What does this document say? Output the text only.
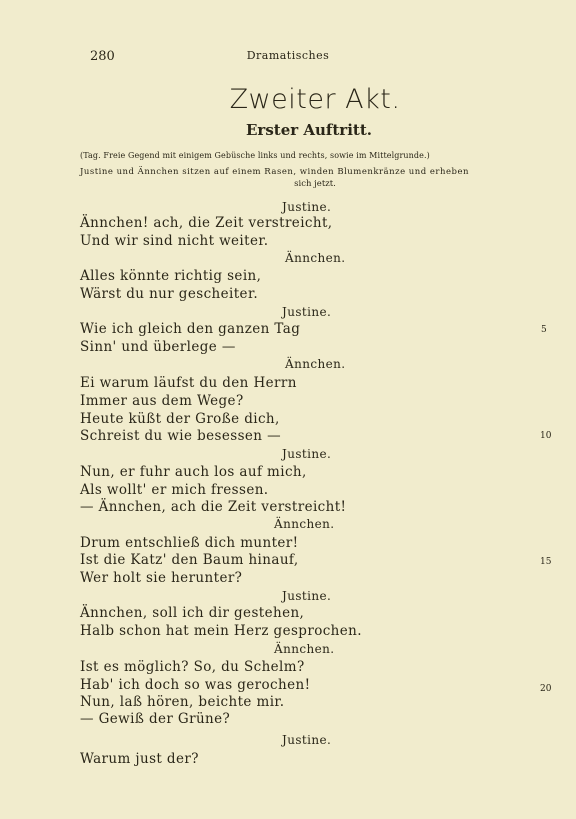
280	Dramatisches
Zweiter Akt.
Erster Auftritt.
(Tag. Freie Gegend mit einigem Gebüsche links und rechts, sowie im Mittelgrunde.)
Justine und Ännchen sitzen auf einem Rasen, winden Blumenkränze und erheben
sich jetzt.
Justine.
Ännchen! ach, die Zeit verstreicht,
Und wir sind nicht weiter.
Ännchen.
Alles könnte richtig sein,
Wärst du nur gescheiter.
Justine.
Wie ich gleich den ganzen Tag
Sinn' und überlege —
Ännchen.
Ei warum läufst du den Herrn
Immer aus dem Wege?
Heute küßt der Große dich,
Schreist du wie besessen —
Justine.
Nun, er fuhr auch los auf mich,
Als wollt' er mich fressen.
— Ännchen, ach die Zeit verstreicht!
Ännchen.
Drum entschließ dich munter!
Ist die Katz' den Baum hinauf,
Wer holt sie herunter?
Justine.
Ännchen, soll ich dir gestehen,
Halb schon hat mein Herz gesprochen.
Ännchen.
Ist es möglich? So, du Schelm?
Hab' ich doch so was gerochen!
Nun, laß hören, beichte mir.
— Gewiß der Grüne?
Justine.
Warum just der?
5
10
15
20
